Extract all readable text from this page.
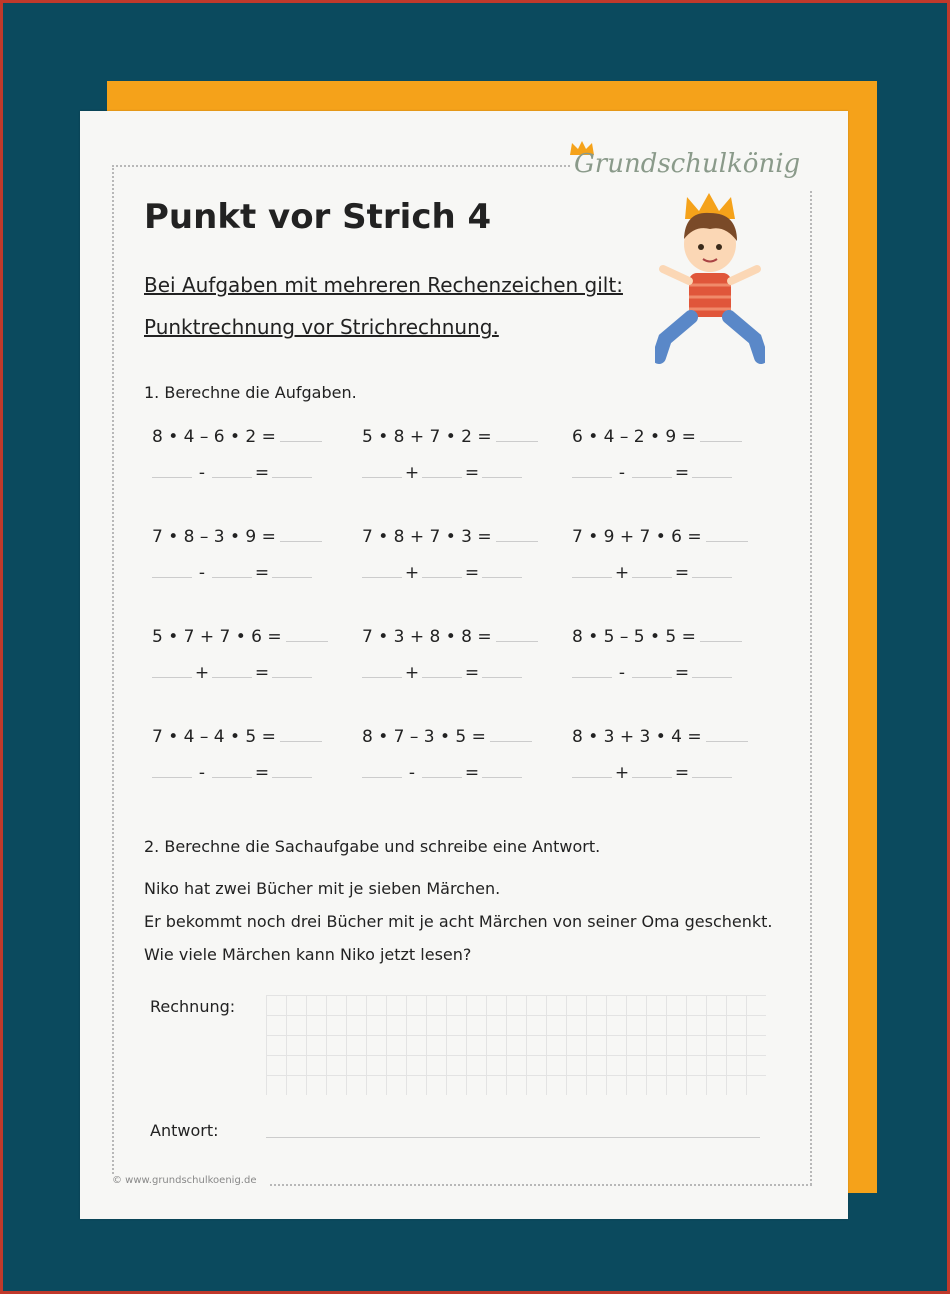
Grundschulkönig
Punkt vor Strich 4
Bei Aufgaben mit mehreren Rechenzeichen gilt:
Punktrechnung vor Strichrechnung.
1. Berechne die Aufgaben.
8 • 4 – 6 • 2 =
-	=
5 • 8 + 7 • 2 =
+	=
6 • 4 – 2 • 9 =
-	=
7 • 8 – 3 • 9 =
-	=
7 • 8 + 7 • 3 =
+	=
7 • 9 + 7 • 6 =
+	=
5 • 7 + 7 • 6 =
+	=
7 • 3 + 8 • 8 =
+	=
8 • 5 – 5 • 5 =
-	=
7 • 4 – 4 • 5 =
-	=
8 • 7 – 3 • 5 =
-	=
8 • 3 + 3 • 4 =
+	=
2. Berechne die Sachaufgabe und schreibe eine Antwort.
Niko hat zwei Bücher mit je sieben Märchen.
Er bekommt noch drei Bücher mit je acht Märchen von seiner Oma geschenkt.
Wie viele Märchen kann Niko jetzt lesen?
Rechnung:
Antwort:
© www.grundschulkoenig.de
